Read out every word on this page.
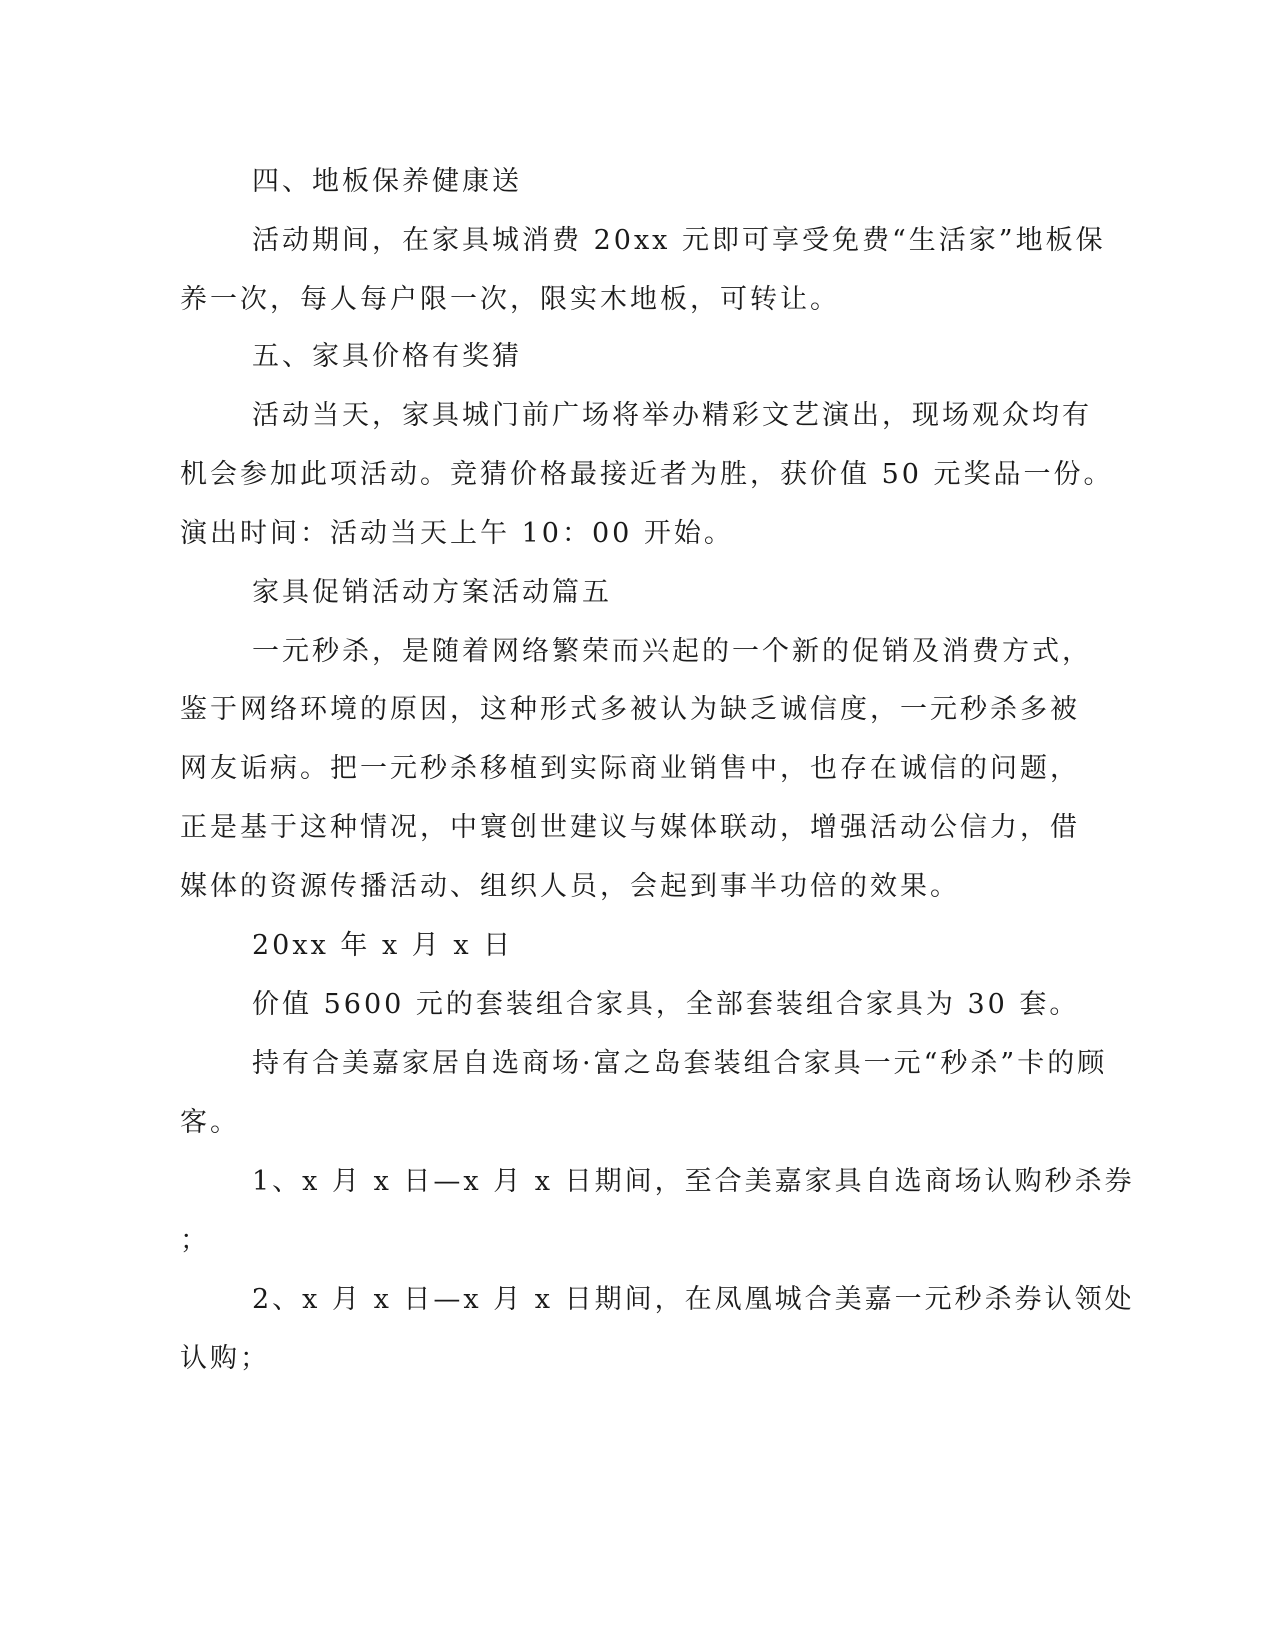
四、地板保养健康送
活动期间，在家具城消费 20xx 元即可享受免费“生活家”地板保
养一次，每人每户限一次，限实木地板，可转让。
五、家具价格有奖猜
活动当天，家具城门前广场将举办精彩文艺演出，现场观众均有
机会参加此项活动。竞猜价格最接近者为胜，获价值 50 元奖品一份。
演出时间：活动当天上午 10：00 开始。
家具促销活动方案活动篇五
一元秒杀，是随着网络繁荣而兴起的一个新的促销及消费方式，
鉴于网络环境的原因，这种形式多被认为缺乏诚信度，一元秒杀多被
网友诟病。把一元秒杀移植到实际商业销售中，也存在诚信的问题，
正是基于这种情况，中寰创世建议与媒体联动，增强活动公信力，借
媒体的资源传播活动、组织人员，会起到事半功倍的效果。
20xx 年 x 月 x 日
价值 5600 元的套装组合家具，全部套装组合家具为 30 套。
持有合美嘉家居自选商场·富之岛套装组合家具一元“秒杀”卡的顾
客。
1、x 月 x 日—x 月 x 日期间，至合美嘉家具自选商场认购秒杀券
；
2、x 月 x 日—x 月 x 日期间，在凤凰城合美嘉一元秒杀券认领处
认购；
